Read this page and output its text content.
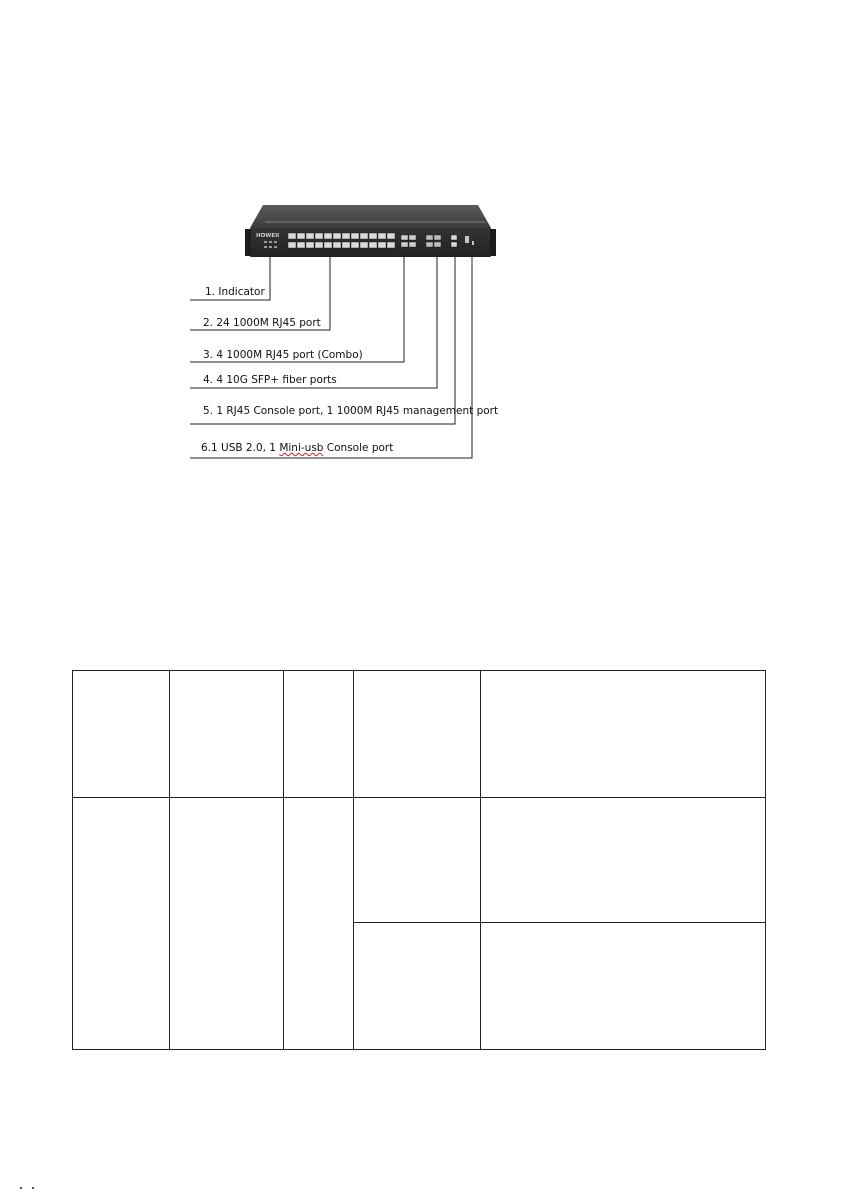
HOWEII
1. Indicator
2. 24 1000M RJ45 port
3. 4 1000M RJ45 port (Combo)
4. 4 10G SFP+ fiber ports
5. 1 RJ45 Console port, 1 1000M RJ45 management port
6.1 USB 2.0, 1 Mini-usb Console port
